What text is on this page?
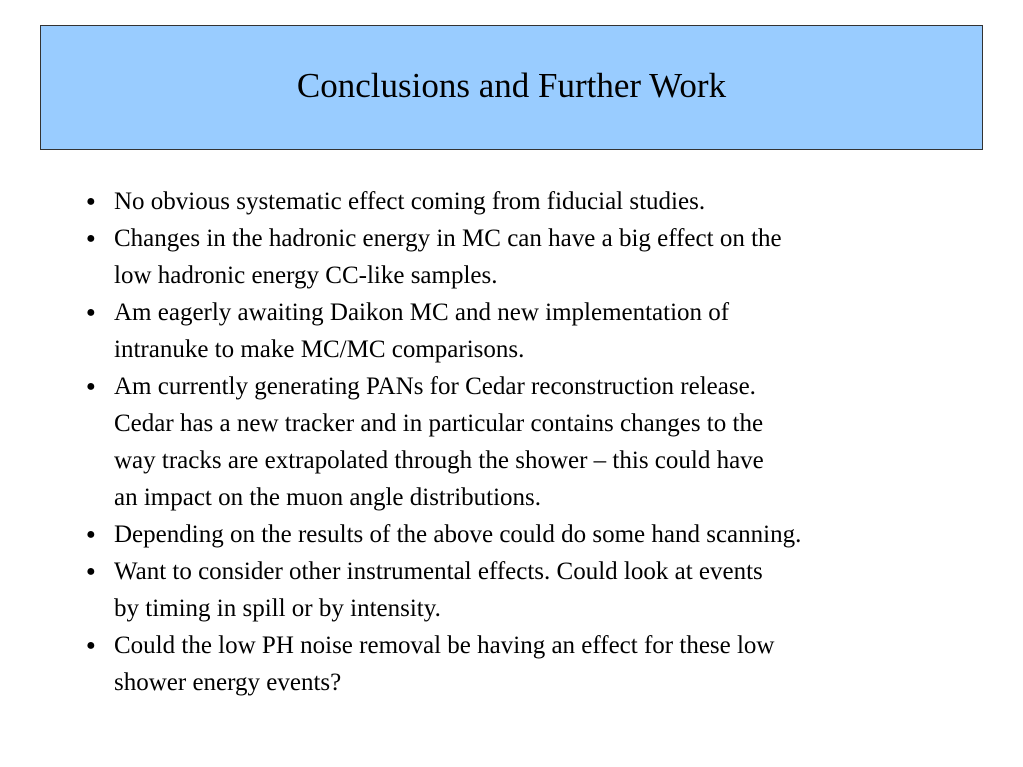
Conclusions and Further Work
● No obvious systematic effect coming from fiducial studies.
● Changes in the hadronic energy in MC can have a big effect on the
low hadronic energy CC-like samples.
● Am eagerly awaiting Daikon MC and new implementation of
intranuke to make MC/MC comparisons.
● Am currently generating PANs for Cedar reconstruction release.
Cedar has a new tracker and in particular contains changes to the
way tracks are extrapolated through the shower – this could have
an impact on the muon angle distributions.
● Depending on the results of the above could do some hand scanning.
● Want to consider other instrumental effects. Could look at events
by timing in spill or by intensity.
● Could the low PH noise removal be having an effect for these low
shower energy events?
